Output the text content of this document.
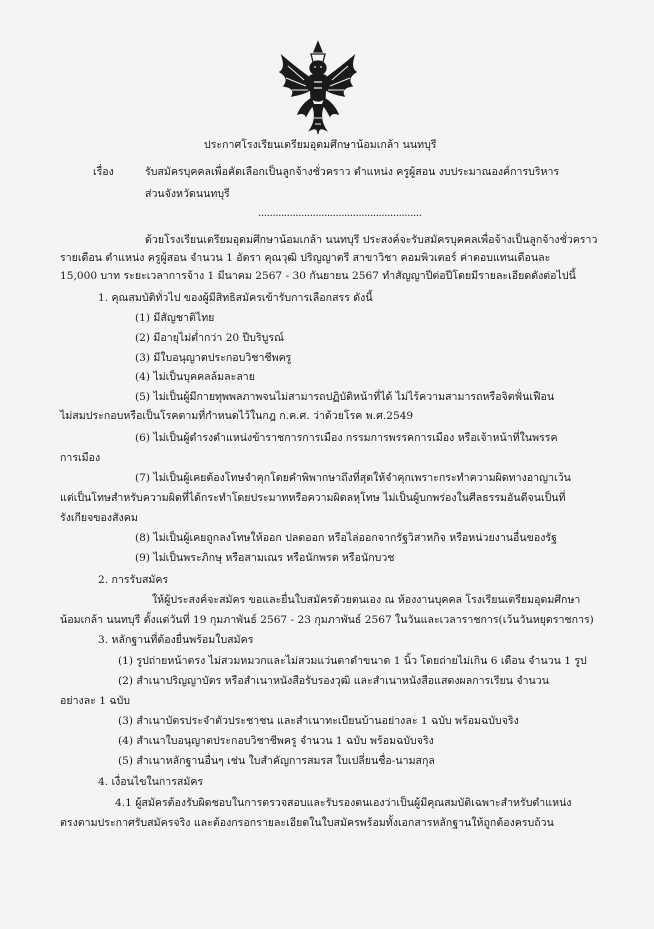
ประกาศโรงเรียนเตรียมอุดมศึกษาน้อมเกล้า นนทบุรี
เรื่อง	รับสมัครบุคคลเพื่อคัดเลือกเป็นลูกจ้างชั่วคราว ตำแหน่ง ครูผู้สอน งบประมาณองค์การบริหาร
ส่วนจังหวัดนนทบุรี
.........................................................
ด้วยโรงเรียนเตรียมอุดมศึกษาน้อมเกล้า นนทบุรี ประสงค์จะรับสมัครบุคคลเพื่อจ้างเป็นลูกจ้างชั่วคราว
รายเดือน ตำแหน่ง ครูผู้สอน จำนวน 1 อัตรา คุณวุฒิ ปริญญาตรี สาขาวิชา คอมพิวเตอร์ ค่าตอบแทนเดือนละ
15,000 บาท ระยะเวลาการจ้าง 1 มีนาคม 2567 - 30 กันยายน 2567 ทำสัญญาปีต่อปีโดยมีรายละเอียดดังต่อไปนี้
1. คุณสมบัติทั่วไป ของผู้มีสิทธิสมัครเข้ารับการเลือกสรร ดังนี้
(1) มีสัญชาติไทย
(2) มีอายุไม่ต่ำกว่า 20 ปีบริบูรณ์
(3) มีใบอนุญาตประกอบวิชาชีพครู
(4) ไม่เป็นบุคคลล้มละลาย
(5) ไม่เป็นผู้มีกายทุพพลภาพจนไม่สามารถปฏิบัติหน้าที่ได้ ไม่ไร้ความสามารถหรือจิตฟั่นเฟือน
ไม่สมประกอบหรือเป็นโรคตามที่กำหนดไว้ในกฎ ก.ค.ศ. ว่าด้วยโรค พ.ศ.2549
(6) ไม่เป็นผู้ดำรงตำแหน่งข้าราชการการเมือง กรรมการพรรคการเมือง หรือเจ้าหน้าที่ในพรรค
การเมือง
(7) ไม่เป็นผู้เคยต้องโทษจำคุกโดยคำพิพากษาถึงที่สุดให้จำคุกเพราะกระทำความผิดทางอาญาเว้น
แต่เป็นโทษสำหรับความผิดที่ได้กระทำโดยประมาทหรือความผิดลหุโทษ ไม่เป็นผู้บกพร่องในศีลธรรมอันดีจนเป็นที่
รังเกียจของสังคม
(8) ไม่เป็นผู้เคยถูกลงโทษให้ออก ปลดออก หรือไล่ออกจากรัฐวิสาหกิจ หรือหน่วยงานอื่นของรัฐ
(9) ไม่เป็นพระภิกษุ หรือสามเณร หรือนักพรต หรือนักบวช
2. การรับสมัคร
ให้ผู้ประสงค์จะสมัคร ขอและยื่นใบสมัครด้วยตนเอง ณ ห้องงานบุคคล โรงเรียนเตรียมอุดมศึกษา
น้อมเกล้า นนทบุรี ตั้งแต่วันที่ 19 กุมภาพันธ์ 2567 - 23 กุมภาพันธ์ 2567 ในวันและเวลาราชการ(เว้นวันหยุดราชการ)
3. หลักฐานที่ต้องยื่นพร้อมใบสมัคร
(1) รูปถ่ายหน้าตรง ไม่สวมหมวกและไม่สวมแว่นตาดำขนาด 1 นิ้ว โดยถ่ายไม่เกิน 6 เดือน จำนวน 1 รูป
(2) สำเนาปริญญาบัตร หรือสำเนาหนังสือรับรองวุฒิ และสำเนาหนังสือแสดงผลการเรียน จำนวน
อย่างละ 1 ฉบับ
(3) สำเนาบัตรประจำตัวประชาชน และสำเนาทะเบียนบ้านอย่างละ 1 ฉบับ พร้อมฉบับจริง
(4) สำเนาใบอนุญาตประกอบวิชาชีพครู จำนวน 1 ฉบับ พร้อมฉบับจริง
(5) สำเนาหลักฐานอื่นๆ เช่น ใบสำคัญการสมรส ใบเปลี่ยนชื่อ-นามสกุล
4. เงื่อนไขในการสมัคร
4.1 ผู้สมัครต้องรับผิดชอบในการตรวจสอบและรับรองตนเองว่าเป็นผู้มีคุณสมบัติเฉพาะสำหรับตำแหน่ง
ตรงตามประกาศรับสมัครจริง และต้องกรอกรายละเอียดในใบสมัครพร้อมทั้งเอกสารหลักฐานให้ถูกต้องครบถ้วน
